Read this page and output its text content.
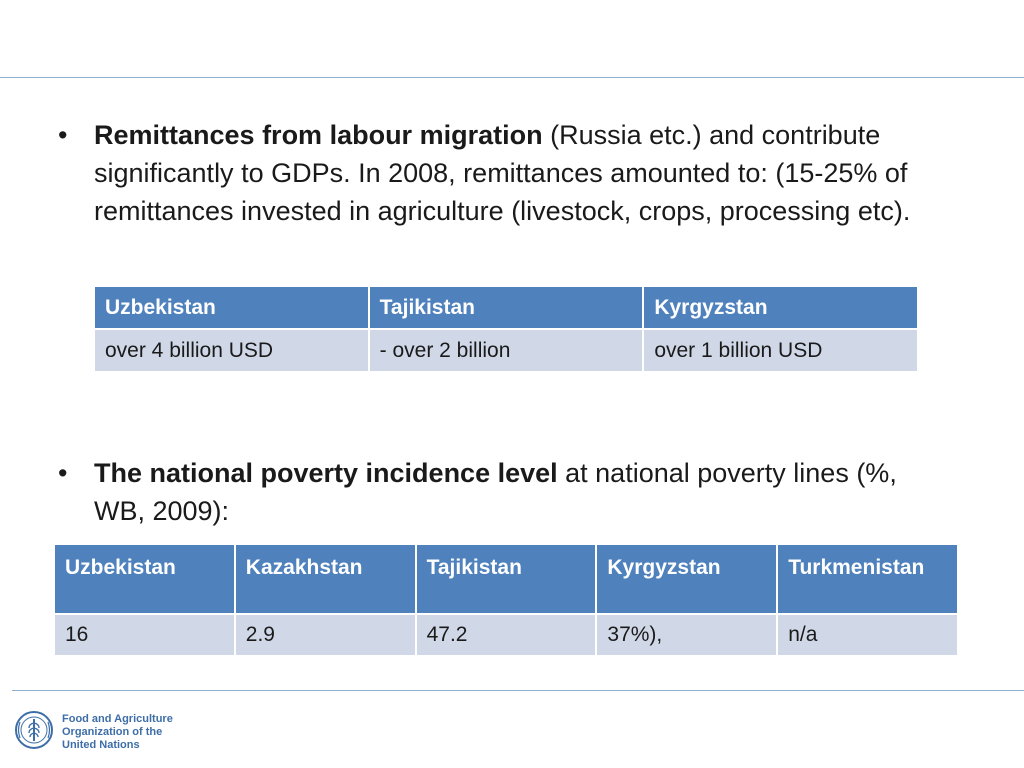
• Remittances from labour migration (Russia etc.) and contribute significantly to GDPs. In 2008, remittances amounted to: (15-25% of remittances invested in agriculture (livestock, crops, processing etc).
Uzbekistan	Tajikistan	Kyrgyzstan
over 4 billion USD	- over 2 billion	over 1 billion USD
• The national poverty incidence level at national poverty lines (%, WB, 2009):
Uzbekistan	Kazakhstan	Tajikistan	Kyrgyzstan	Turkmenistan
16	2.9	47.2	37%),	n/a
Food and Agriculture
Organization of the
United Nations
